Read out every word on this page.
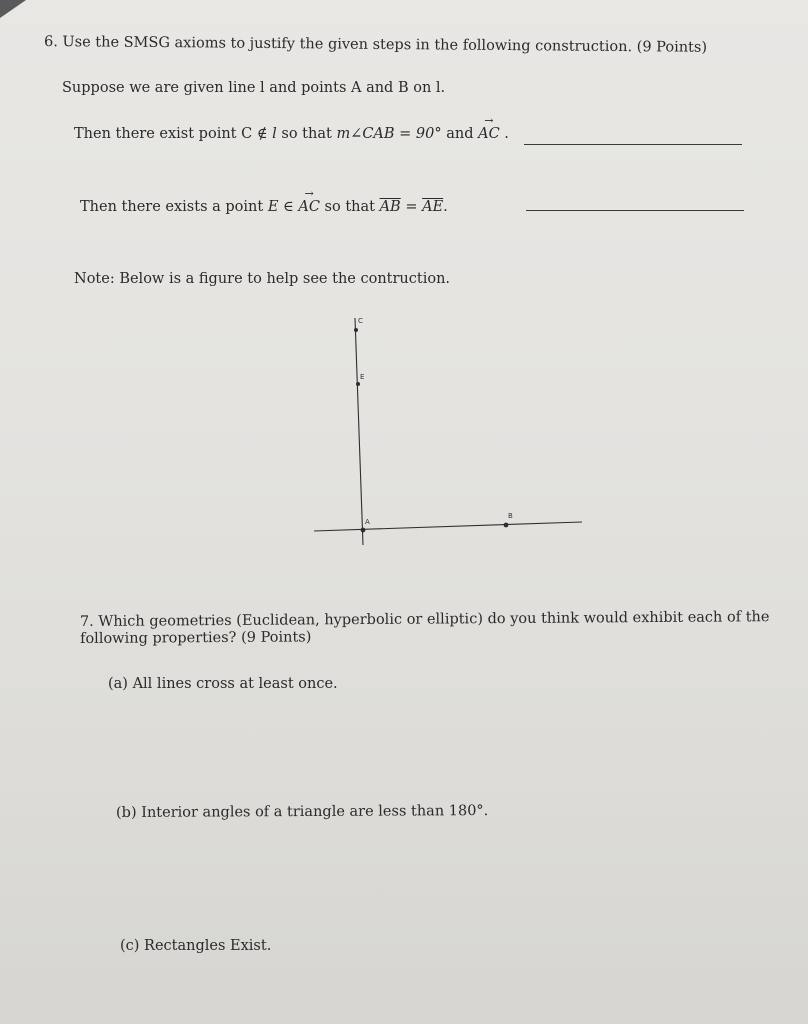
6. Use the SMSG axioms to justify the given steps in the following construction. (9 Points)
Suppose we are given line l and points A and B on l.
Then there exist point C ∉ l so that m∠CAB = 90° and → AC .
Then there exists a point E ∈ → AC so that $\overline{AB} = \overline{AE}$.
Note: Below is a figure to help see the contruction.
C
E
A
B
7. Which geometries (Euclidean, hyperbolic or elliptic) do you think would exhibit each of the following properties? (9 Points)
(a) All lines cross at least once.
(b) Interior angles of a triangle are less than 180°.
(c) Rectangles Exist.
